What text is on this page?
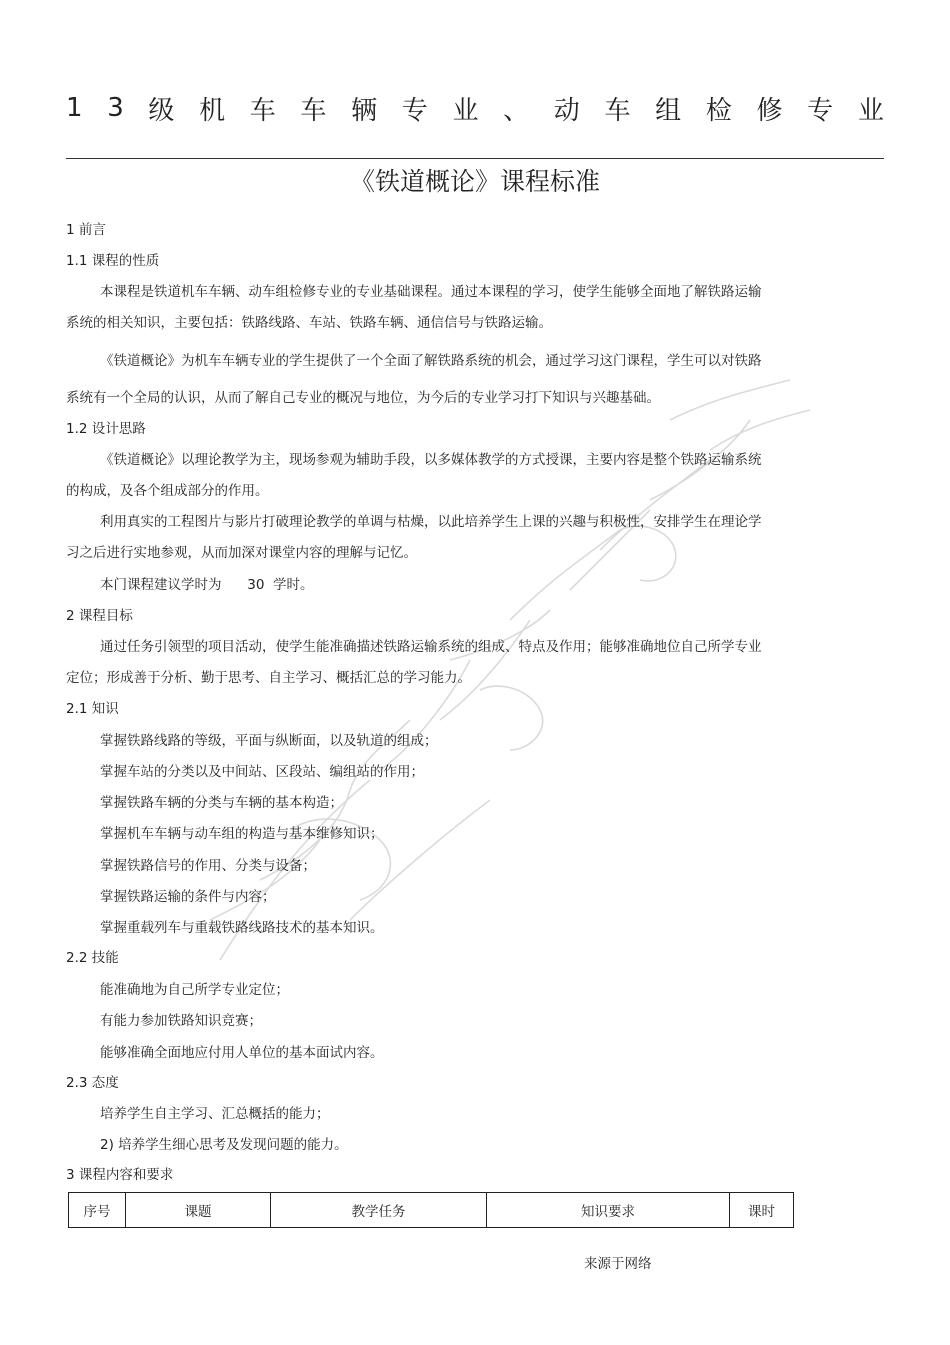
1 3 级 机 车 车 辆 专 业 、 动 车 组 检 修 专 业
《铁道概论》课程标准
1 前言
1.1 课程的性质
本课程是铁道机车车辆、动车组检修专业的专业基础课程。通过本课程的学习，使学生能够全面地了解铁路运输
系统的相关知识，主要包括：铁路线路、车站、铁路车辆、通信信号与铁路运输。
《铁道概论》为机车车辆专业的学生提供了一个全面了解铁路系统的机会，通过学习这门课程，学生可以对铁路
系统有一个全局的认识，从而了解自己专业的概况与地位，为今后的专业学习打下知识与兴趣基础。
1.2 设计思路
《铁道概论》以理论教学为主，现场参观为辅助手段，以多媒体教学的方式授课，主要内容是整个铁路运输系统
的构成，及各个组成部分的作用。
利用真实的工程图片与影片打破理论教学的单调与枯燥，以此培养学生上课的兴趣与积极性，安排学生在理论学
习之后进行实地参观，从而加深对课堂内容的理解与记忆。
本门课程建议学时为      30  学时。
2 课程目标
通过任务引领型的项目活动，使学生能准确描述铁路运输系统的组成、特点及作用；能够准确地位自己所学专业
定位；形成善于分析、勤于思考、自主学习、概括汇总的学习能力。
2.1 知识
掌握铁路线路的等级，平面与纵断面，以及轨道的组成；
掌握车站的分类以及中间站、区段站、编组站的作用；
掌握铁路车辆的分类与车辆的基本构造；
掌握机车车辆与动车组的构造与基本维修知识；
掌握铁路信号的作用、分类与设备；
掌握铁路运输的条件与内容；
掌握重载列车与重载铁路线路技术的基本知识。
2.2 技能
能准确地为自己所学专业定位；
有能力参加铁路知识竞赛；
能够准确全面地应付用人单位的基本面试内容。
2.3 态度
培养学生自主学习、汇总概括的能力；
2) 培养学生细心思考及发现问题的能力。
3 课程内容和要求
序号	课题	教学任务	知识要求	课时
来源于网络
